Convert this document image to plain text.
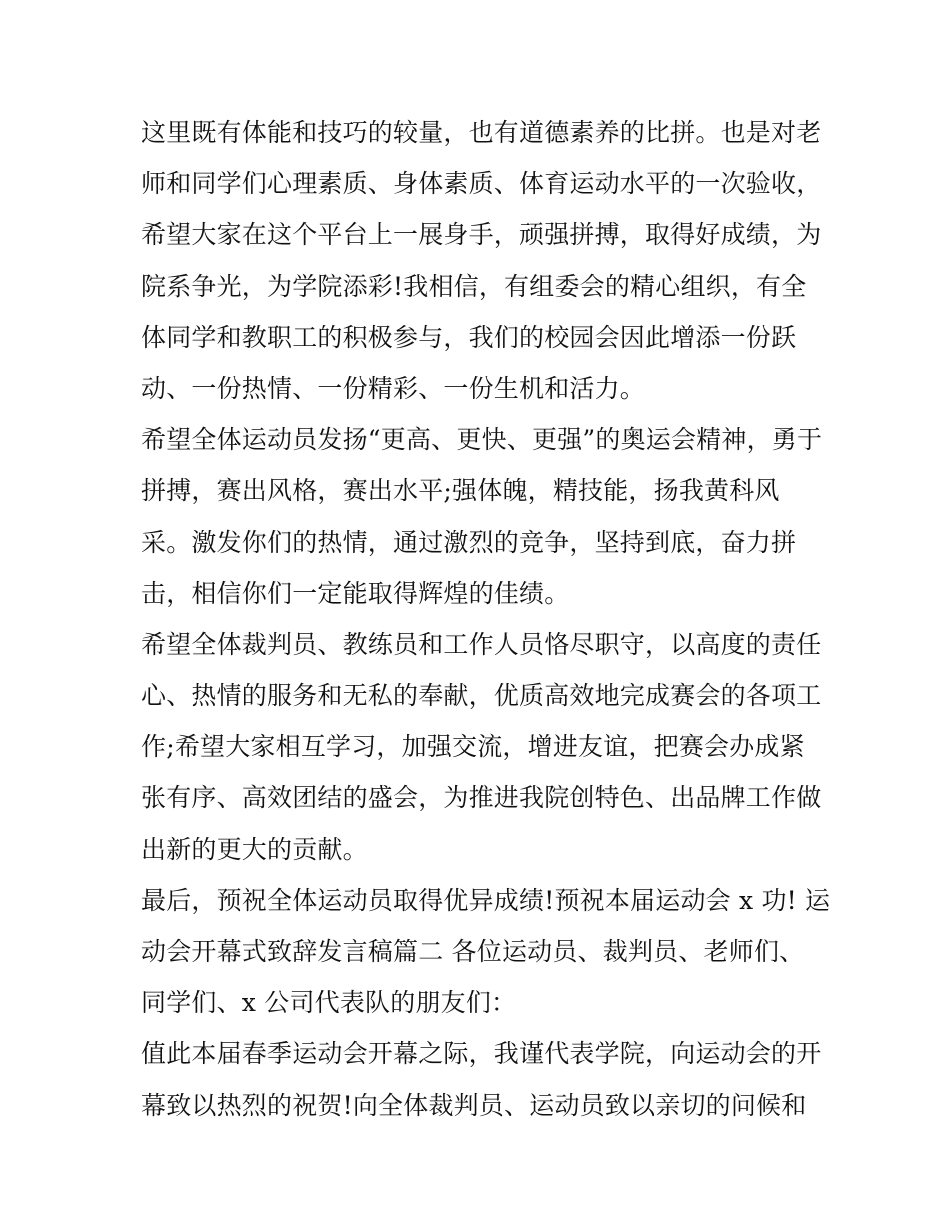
这里既有体能和技巧的较量，也有道德素养的比拼。也是对老
师和同学们心理素质、身体素质、体育运动水平的一次验收，
希望大家在这个平台上一展身手，顽强拼搏，取得好成绩，为
院系争光，为学院添彩!我相信，有组委会的精心组织，有全
体同学和教职工的积极参与，我们的校园会因此增添一份跃
动、一份热情、一份精彩、一份生机和活力。
希望全体运动员发扬“更高、更快、更强”的奥运会精神，勇于
拼搏，赛出风格，赛出水平;强体魄，精技能，扬我黄科风
采。激发你们的热情，通过激烈的竞争，坚持到底，奋力拼
击，相信你们一定能取得辉煌的佳绩。
希望全体裁判员、教练员和工作人员恪尽职守，以高度的责任
心、热情的服务和无私的奉献，优质高效地完成赛会的各项工
作;希望大家相互学习，加强交流，增进友谊，把赛会办成紧
张有序、高效团结的盛会，为推进我院创特色、出品牌工作做
出新的更大的贡献。
最后，预祝全体运动员取得优异成绩!预祝本届运动会 x 功! 运
动会开幕式致辞发言稿篇二 各位运动员、裁判员、老师们、
同学们、x 公司代表队的朋友们：
值此本届春季运动会开幕之际，我谨代表学院，向运动会的开
幕致以热烈的祝贺!向全体裁判员、运动员致以亲切的问候和
